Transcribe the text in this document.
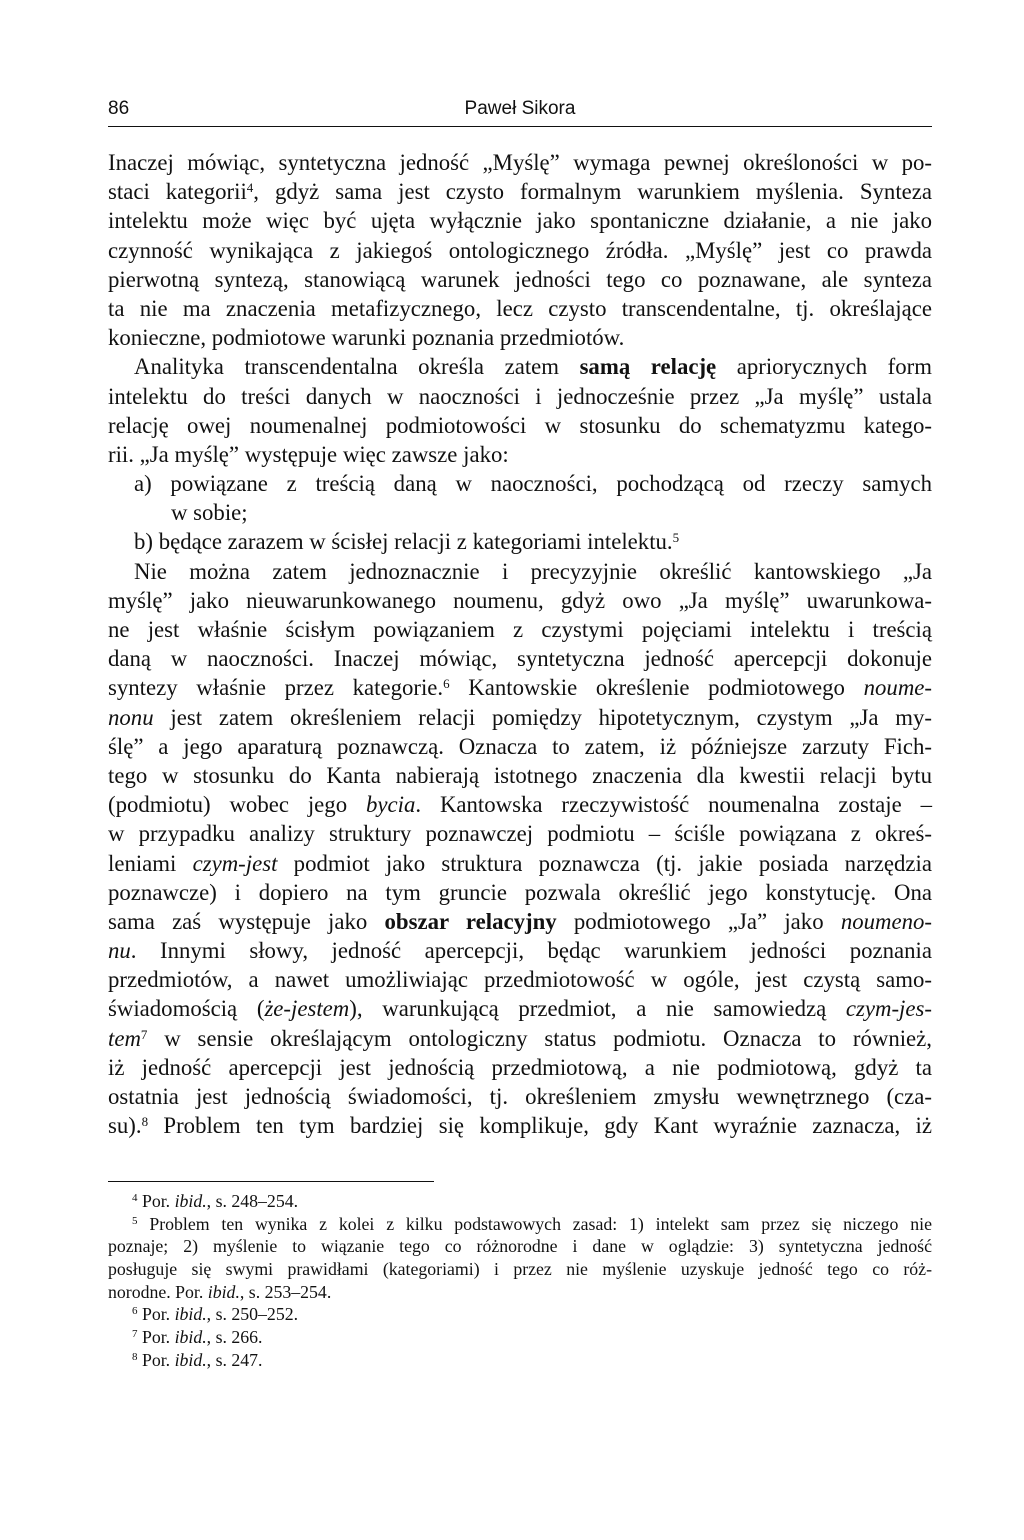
86	Paweł Sikora
Inaczej mówiąc, syntetyczna jedność „Myślę” wymaga pewnej określoności w po-
staci kategorii$^4$, gdyż sama jest czysto formalnym warunkiem myślenia. Synteza
intelektu może więc być ujęta wyłącznie jako spontaniczne działanie, a nie jako
czynność wynikająca z jakiegoś ontologicznego źródła. „Myślę” jest co prawda
pierwotną syntezą, stanowiącą warunek jedności tego co poznawane, ale synteza
ta nie ma znaczenia metafizycznego, lecz czysto transcendentalne, tj. określające
konieczne, podmiotowe warunki poznania przedmiotów.
Analityka transcendentalna określa zatem samą relację apriorycznych form
intelektu do treści danych w naoczności i jednocześnie przez „Ja myślę” ustala
relację owej noumenalnej podmiotowości w stosunku do schematyzmu katego-
rii. „Ja myślę” występuje więc zawsze jako:
a) powiązane z treścią daną w naoczności, pochodzącą od rzeczy samych
w sobie;
b) będące zarazem w ścisłej relacji z kategoriami intelektu.$^5$
Nie można zatem jednoznacznie i precyzyjnie określić kantowskiego „Ja
myślę” jako nieuwarunkowanego noumenu, gdyż owo „Ja myślę” uwarunkowa-
ne jest właśnie ścisłym powiązaniem z czystymi pojęciami intelektu i treścią
daną w naoczności. Inaczej mówiąc, syntetyczna jedność apercepcji dokonuje
syntezy właśnie przez kategorie.$^6$ Kantowskie określenie podmiotowego noume-
nonu jest zatem określeniem relacji pomiędzy hipotetycznym, czystym „Ja my-
ślę” a jego aparaturą poznawczą. Oznacza to zatem, iż późniejsze zarzuty Fich-
tego w stosunku do Kanta nabierają istotnego znaczenia dla kwestii relacji bytu
(podmiotu) wobec jego bycia. Kantowska rzeczywistość noumenalna zostaje –
w przypadku analizy struktury poznawczej podmiotu – ściśle powiązana z okreś-
leniami czym-jest podmiot jako struktura poznawcza (tj. jakie posiada narzędzia
poznawcze) i dopiero na tym gruncie pozwala określić jego konstytucję. Ona
sama zaś występuje jako obszar relacyjny podmiotowego „Ja” jako noumeno-
nu. Innymi słowy, jedność apercepcji, będąc warunkiem jedności poznania
przedmiotów, a nawet umożliwiając przedmiotowość w ogóle, jest czystą samo-
świadomością (że-jestem), warunkującą przedmiot, a nie samowiedzą czym-jes-
tem$^7$ w sensie określającym ontologiczny status podmiotu. Oznacza to również,
iż jedność apercepcji jest jednością przedmiotową, a nie podmiotową, gdyż ta
ostatnia jest jednością świadomości, tj. określeniem zmysłu wewnętrznego (cza-
su).$^8$ Problem ten tym bardziej się komplikuje, gdy Kant wyraźnie zaznacza, iż
$^4$ Por. ibid., s. 248–254.
$^5$ Problem ten wynika z kolei z kilku podstawowych zasad: 1) intelekt sam przez się niczego nie
poznaje; 2) myślenie to wiązanie tego co różnorodne i dane w oglądzie: 3) syntetyczna jedność
posługuje się swymi prawidłami (kategoriami) i przez nie myślenie uzyskuje jedność tego co róż-
norodne. Por. ibid., s. 253–254.
$^6$ Por. ibid., s. 250–252.
$^7$ Por. ibid., s. 266.
$^8$ Por. ibid., s. 247.
